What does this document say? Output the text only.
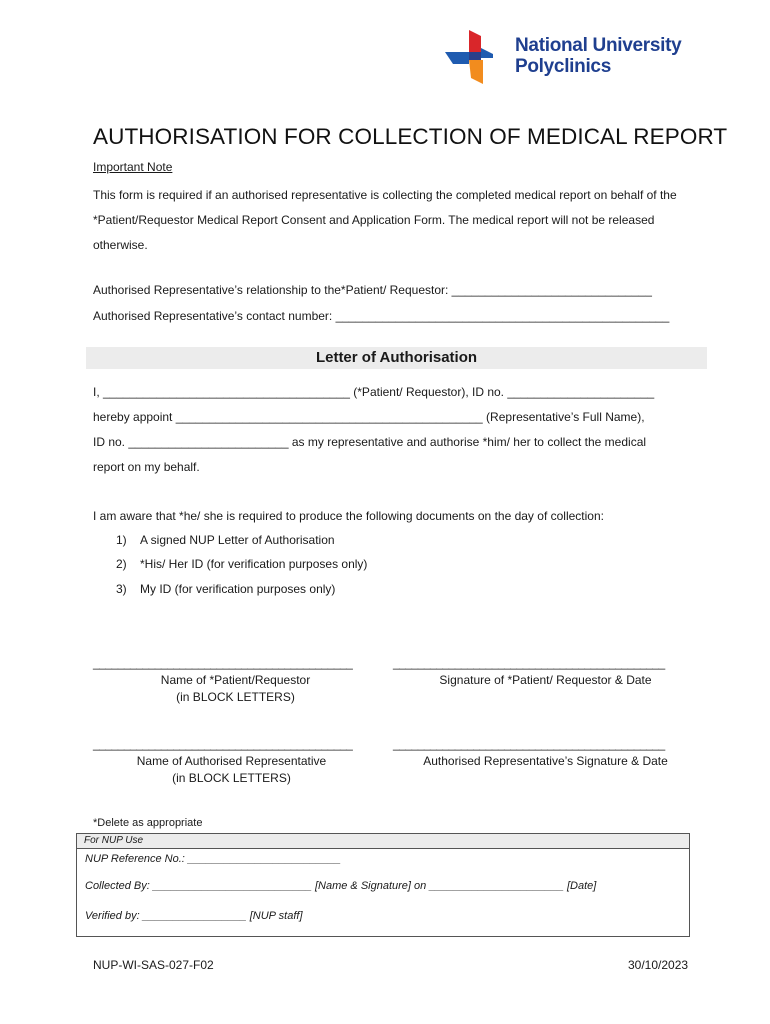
National University
Polyclinics
AUTHORISATION FOR COLLECTION OF MEDICAL REPORT
Important Note
This form is required if an authorised representative is collecting the completed medical report on behalf of the *Patient/Requestor Medical Report Consent and Application Form. The medical report will not be released otherwise.
Authorised Representative’s relationship to the*Patient/ Requestor: ______________________________
Authorised Representative’s contact number: __________________________________________________
Letter of Authorisation
I, _____________________________________ (*Patient/ Requestor), ID no. ______________________
hereby appoint ______________________________________________ (Representative’s Full Name),
ID no. ________________________ as my representative and authorise *him/ her to collect the medical
report on my behalf.
I am aware that *he/ she is required to produce the following documents on the day of collection:
1) A signed NUP Letter of Authorisation
2) *His/ Her ID (for verification purposes only)
3) My ID (for verification purposes only)
__________________________________________	____________________________________________
Name of *Patient/Requestor
(in BLOCK LETTERS)
Signature of *Patient/ Requestor & Date
__________________________________________	____________________________________________
Name of Authorised Representative
(in BLOCK LETTERS)
Authorised Representative’s Signature & Date
*Delete as appropriate
For NUP Use
NUP Reference No.: _________________________
Collected By: __________________________ [Name & Signature] on ______________________ [Date]
Verified by: _________________ [NUP staff]
NUP-WI-SAS-027-F02	30/10/2023
